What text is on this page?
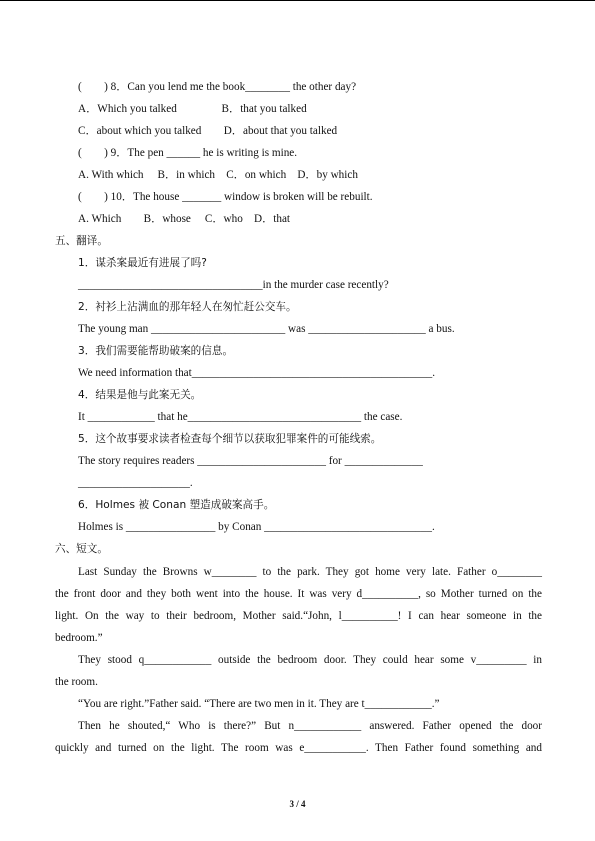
(　　) 8．Can you lend me the book________ the other day?
A．Which you talked　　　　B．that you talked
C．about which you talked　　D．about that you talked
(　　) 9．The pen ______ he is writing is mine.
A. With which　 B．in which　C．on which　D．by which
(　　) 10．The house _______ window is broken will be rebuilt.
A. Which　　B．whose　 C．who　D．that
五、翻译。
1．谋杀案最近有进展了吗?
_________________________________in the murder case recently?
2．衬衫上沾满血的那年轻人在匆忙赶公交车。
The young man ________________________ was _____________________ a bus.
3．我们需要能帮助破案的信息。
We need information that___________________________________________.
4．结果是他与此案无关。
It ____________ that he_______________________________ the case.
5．这个故事要求读者检查每个细节以获取犯罪案件的可能线索。
The story requires readers _______________________ for ______________
____________________.
6．Holmes 被 Conan 塑造成破案高手。
Holmes is ________________ by Conan ______________________________.
六、短文。
Last Sunday the Browns w________ to the park. They got home very late. Father o________
the front door and they both went into the house. It was very d__________, so Mother turned on the
light. On the way to their bedroom, Mother said.“John, l__________! I can hear someone in the
bedroom.”
They stood q____________ outside the bedroom door. They could hear some v_________ in
the room.
“You are right.”Father said. “There are two men in it. They are t____________.”
Then he shouted,“ Who is there?” But n____________ answered. Father opened the door
quickly and turned on the light. The room was e___________. Then Father found something and
3 / 4
